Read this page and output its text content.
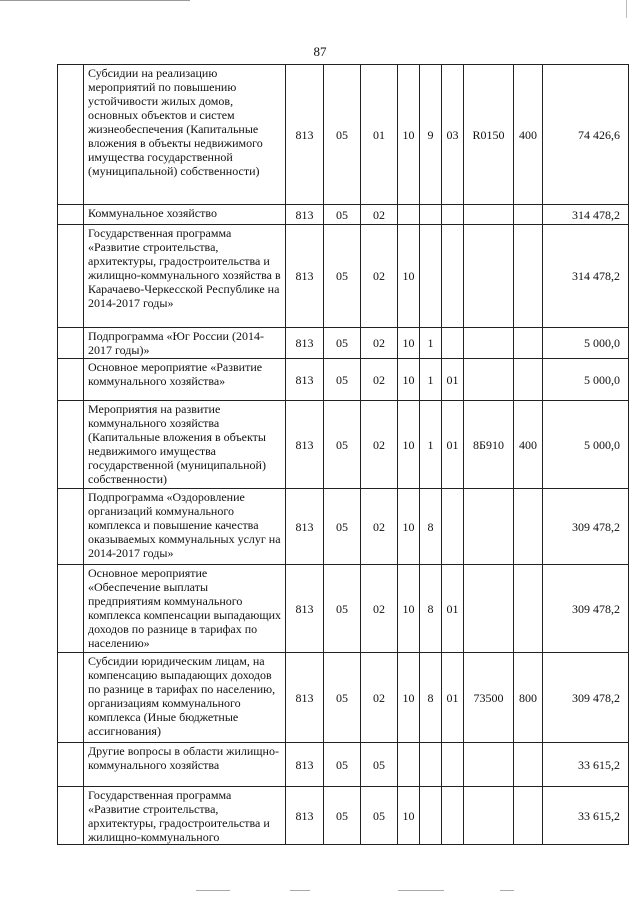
87
	Субсидии на реализацию мероприятий по повышению устойчивости жилых домов, основных объектов и систем жизнеобеспечения (Капитальные вложения в объекты недвижимого имущества государственной (муниципальной) собственности)	813	05	01	10	9	03	R0150	400	74 426,6
	Коммунальное хозяйство	813	05	02						314 478,2
	Государственная программа «Развитие строительства, архитектуры, градостроительства и жилищно-коммунального хозяйства в Карачаево-Черкесской Республике на 2014-2017 годы»	813	05	02	10					314 478,2
	Подпрограмма «Юг России (2014-2017 годы)»	813	05	02	10	1				5 000,0
	Основное мероприятие «Развитие коммунального хозяйства»	813	05	02	10	1	01			5 000,0
	Мероприятия на развитие коммунального хозяйства (Капитальные вложения в объекты недвижимого имущества государственной (муниципальной) собственности)	813	05	02	10	1	01	8Б910	400	5 000,0
	Подпрограмма «Оздоровление организаций коммунального комплекса и повышение качества оказываемых коммунальных услуг на 2014-2017 годы»	813	05	02	10	8				309 478,2
	Основное мероприятие «Обеспечение выплаты предприятиям коммунального комплекса компенсации выпадающих доходов по разнице в тарифах по населению»	813	05	02	10	8	01			309 478,2
	Субсидии юридическим лицам, на компенсацию выпадающих доходов по разнице в тарифах по населению, организациям коммунального комплекса (Иные бюджетные ассигнования)	813	05	02	10	8	01	73500	800	309 478,2
	Другие вопросы в области жилищно-коммунального хозяйства	813	05	05						33 615,2
	Государственная программа «Развитие строительства, архитектуры, градостроительства и жилищно-коммунального	813	05	05	10					33 615,2
